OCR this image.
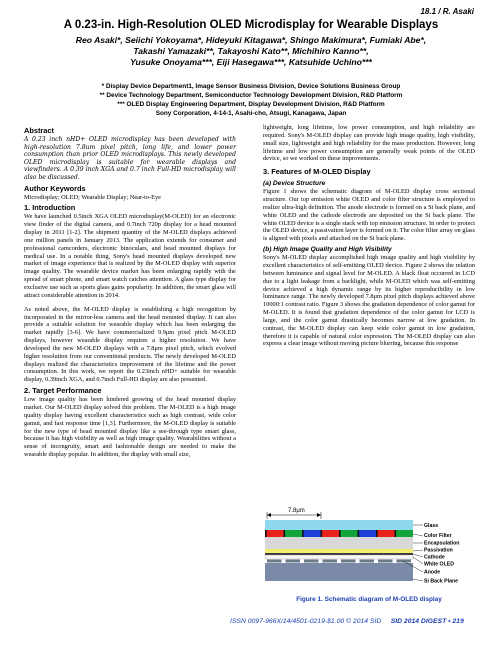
18.1 / R. Asaki
A 0.23-in. High-Resolution OLED Microdisplay for Wearable Displays
Reo Asaki*, Seiichi Yokoyama*, Hideyuki Kitagawa*, Shingo Makimura*, Fumiaki Abe*,
Takashi Yamazaki**, Takayoshi Kato**, Michihiro Kanno**,
Yusuke Onoyama***, Eiji Hasegawa***, Katsuhide Uchino***
* Display Device Department1, Image Sensor Business Division, Device Solutions Business Group
** Device Technology Department, Semiconductor Technology Development Division, R&D Platform
*** OLED Display Engineering Department, Display Development Division, R&D Platform
Sony Corporation, 4-14-1, Asahi-cho, Atsugi, Kanagawa, Japan
Abstract

A 0.23 inch nHD+ OLED microdisplay has been developed with high-resolution 7.8um pixel pitch, long life, and lower power consumption than prior OLED microdisplays. This newly developed OLED microdisplay is suitable for wearable displays and viewfinders. A 0.39 inch XGA and 0.7 inch Full-HD microdisplay will also be discussed.

Author Keywords

Microdisplay; OLED; Wearable Display; Near-to-Eye

1. Introduction

We have launched 0.5inch XGA OLED microdisplay(M-OLED) for an electronic view finder of the digital camera, and 0.7inch 720p display for a head mounted display in 2011 [1-2]. The shipment quantity of the M-OLED displays achieved one million panels in January 2013. The application extends for consumer and professional camcorders, electronic binoculars, and head mounted displays for medical use. In a notable thing, Sony's head mounted displays developed new market of image experience that is realized by the M-OLED display with superior image quality. The wearable device market has been enlarging rapidly with the spread of smart phone, and smart watch catches attention. A glass type display for exclusive use such as sports glass gains popularity. In addition, the smart glass will attract considerable attention in 2014.

As noted above, the M-OLED display is establishing a high recognition by incorporated in the mirror-less camera and the head mounted display. It can also provide a suitable solution for wearable display which has been enlarging the market rapidly [3-6]. We have commercialized 9.9μm pixel pitch M-OLED displays, however wearable display requires a higher resolution. We have developed the new M-OLED displays with a 7.8μm pixel pitch, which evolved higher resolution from our conventional products. The newly developed M-OLED displays realized the characteristics improvement of the lifetime and the power consumption. In this work, we report the 0.23inch nHD+ suitable for wearable display, 0.39inch XGA, and 0.7inch Full-HD display are also presented.

2. Target Performance

Low image quality has been hindered growing of the head mounted display market. Our M-OLED display solved this problem. The M-OLED is a high image quality display having excellent characteristics such as high contrast, wide color gamut, and fast response time [1,3]. Furthermore, the M-OLED display is suitable for the new type of head mounted display like a see-through type smart glass, because it has high visibility as well as high image quality. Wearabilities without a sense of incongruity, smart and fashionable design are needed to make the wearable display popular. In addition, the display with small size,

lightweight, long lifetime, low power consumption, and high reliability are required. Sony's M-OLED display can provide high image quality, high visibility, small size, lightweight and high reliability for the mass production. However, long lifetime and low power consumption are generally weak points of the OLED device, so we worked on these improvements.

3. Features of M-OLED Display
(a) Device Structure

Figure 1 shows the schematic diagram of M-OLED display cross sectional structure. Our top emission white OLED and color filter structure is employed to realize ultra-high definition. The anode electrode is formed on a Si back plane, and white OLED and the cathode electrode are deposited on the Si back plane. The white OLED device is a single stack with top emission structure. In order to protect the OLED device, a passivation layer is formed on it. The color filter array on glass is aligned with pixels and attached on the Si back plane.

(b) High Image Quality and High Visibility

Sony's M-OLED display accomplished high image quality and high visibility by excellent characteristics of self-emitting OLED device. Figure 2 shows the relation between luminance and signal level for M-OLED. A black float occurred in LCD due to a light leakage from a backlight, while M-OLED which was self-emitting device achieved a high dynamic range by its higher reproducibility in low luminance range. The newly developed 7.8μm pixel pitch displays achieved above 10000:1 contrast ratio. Figure 3 shows the gradation dependence of color gamut for M-OLED. It is found that gradation dependence of the color gamut for LCD is large, and the color gamut drastically becomes narrow at low gradation. In contrast, the M-OLED display can keep wide color gamut in low gradation, therefore it is capable of natural color expression. The M-OLED display can also express a clear image without moving picture blurring, because this response

7.8μm
Glass
Color Filter
Encapsulation
Passivation
Cathode
White OLED
Anode
Si Back Plane
Figure 1. Schematic diagram of M-OLED display
ISSN 0097-966X/14/4501-0219-$1.00 © 2014 SID SID 2014 DIGEST • 219
